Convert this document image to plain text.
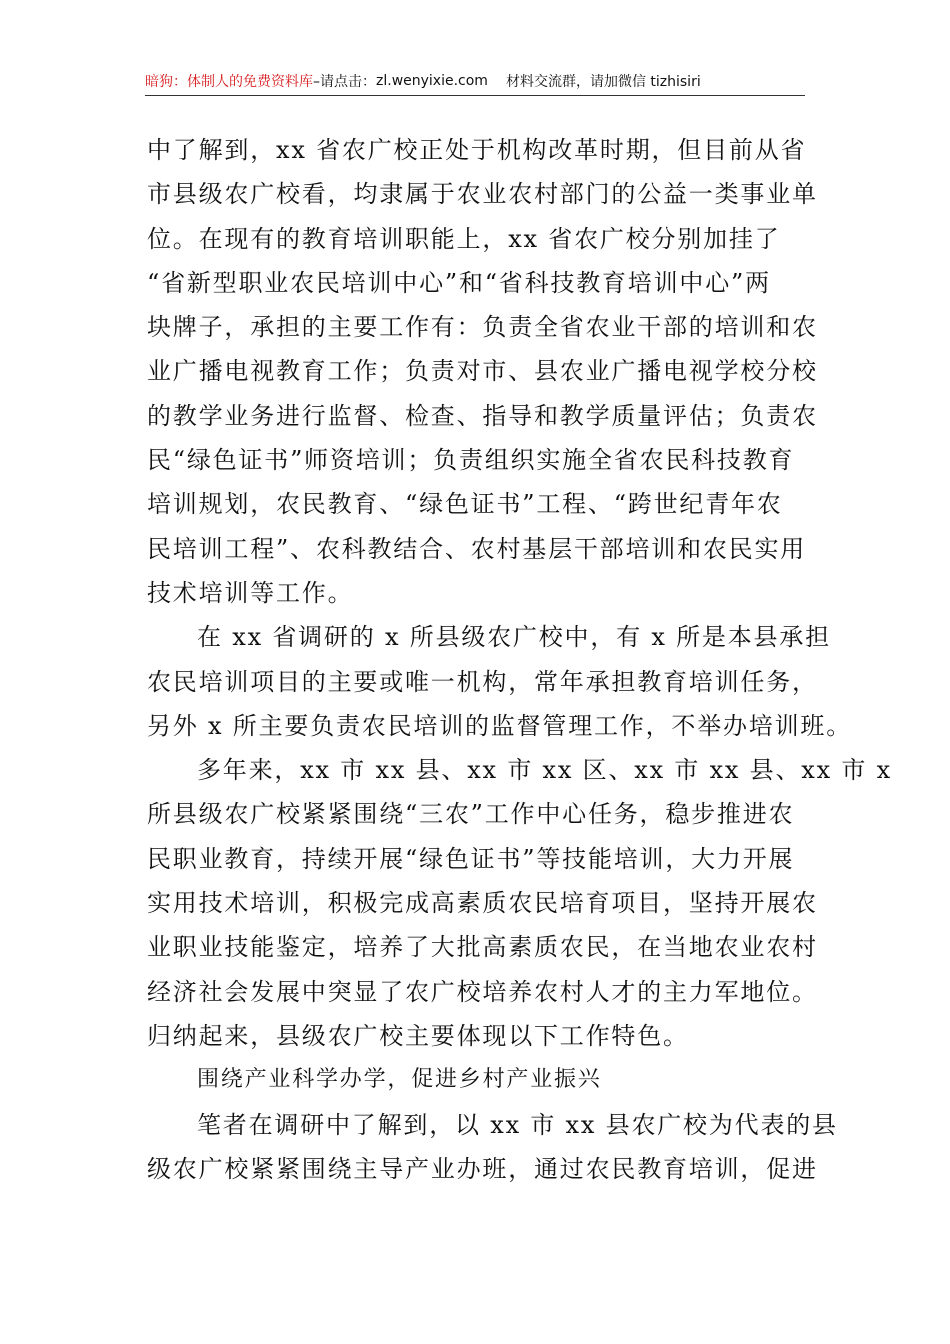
暗狗：体制人的免费资料库 –请点击： zl.wenyixie.com 材料交流群，请加微信 tizhisiri
中了解到，xx 省农广校正处于机构改革时期，但目前从省
市县级农广校看，均隶属于农业农村部门的公益一类事业单
位。在现有的教育培训职能上，xx 省农广校分别加挂了
“省新型职业农民培训中心”和“省科技教育培训中心”两
块牌子，承担的主要工作有：负责全省农业干部的培训和农
业广播电视教育工作；负责对市、县农业广播电视学校分校
的教学业务进行监督、检查、指导和教学质量评估；负责农
民“绿色证书”师资培训；负责组织实施全省农民科技教育
培训规划，农民教育、“绿色证书”工程、“跨世纪青年农
民培训工程”、农科教结合、农村基层干部培训和农民实用
技术培训等工作。
在 xx 省调研的 x 所县级农广校中，有 x 所是本县承担
农民培训项目的主要或唯一机构，常年承担教育培训任务，
另外 x 所主要负责农民培训的监督管理工作，不举办培训班。
多年来，xx 市 xx 县、xx 市 xx 区、xx 市 xx 县、xx 市 x
所县级农广校紧紧围绕“三农”工作中心任务，稳步推进农
民职业教育，持续开展“绿色证书”等技能培训，大力开展
实用技术培训，积极完成高素质农民培育项目，坚持开展农
业职业技能鉴定，培养了大批高素质农民，在当地农业农村
经济社会发展中突显了农广校培养农村人才的主力军地位。
归纳起来，县级农广校主要体现以下工作特色。
围绕产业科学办学，促进乡村产业振兴
笔者在调研中了解到，以 xx 市 xx 县农广校为代表的县
级农广校紧紧围绕主导产业办班，通过农民教育培训，促进
